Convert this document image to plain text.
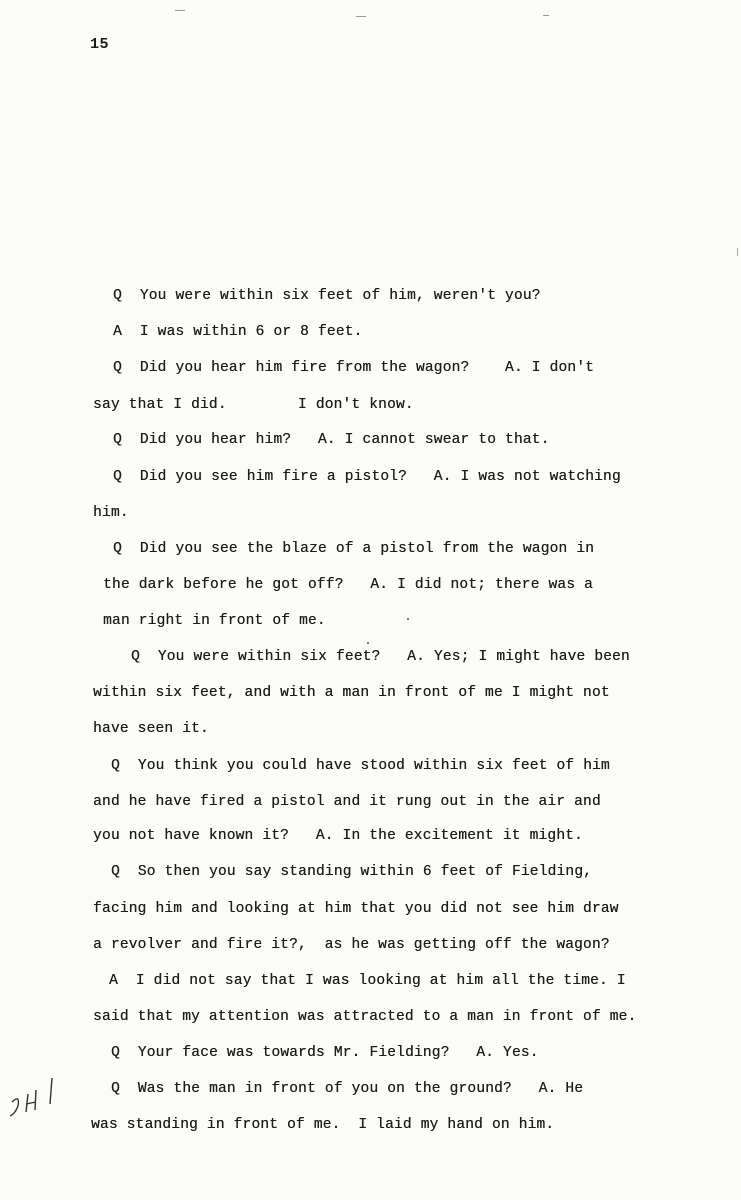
15
Q  You were within six feet of him, weren't you?
A  I was within 6 or 8 feet.
Q  Did you hear him fire from the wagon?    A. I don't
say that I did.        I don't know.
Q  Did you hear him?   A. I cannot swear to that.
Q  Did you see him fire a pistol?   A. I was not watching
him.
Q  Did you see the blaze of a pistol from the wagon in
the dark before he got off?   A. I did not; there was a
man right in front of me.
Q  You were within six feet?   A. Yes; I might have been
within six feet, and with a man in front of me I might not
have seen it.
Q  You think you could have stood within six feet of him
and he have fired a pistol and it rung out in the air and
you not have known it?   A. In the excitement it might.
Q  So then you say standing within 6 feet of Fielding,
facing him and looking at him that you did not see him draw
a revolver and fire it?,  as he was getting off the wagon?
A  I did not say that I was looking at him all the time. I
said that my attention was attracted to a man in front of me.
Q  Your face was towards Mr. Fielding?   A. Yes.
Q  Was the man in front of you on the ground?   A. He
was standing in front of me.  I laid my hand on him.
